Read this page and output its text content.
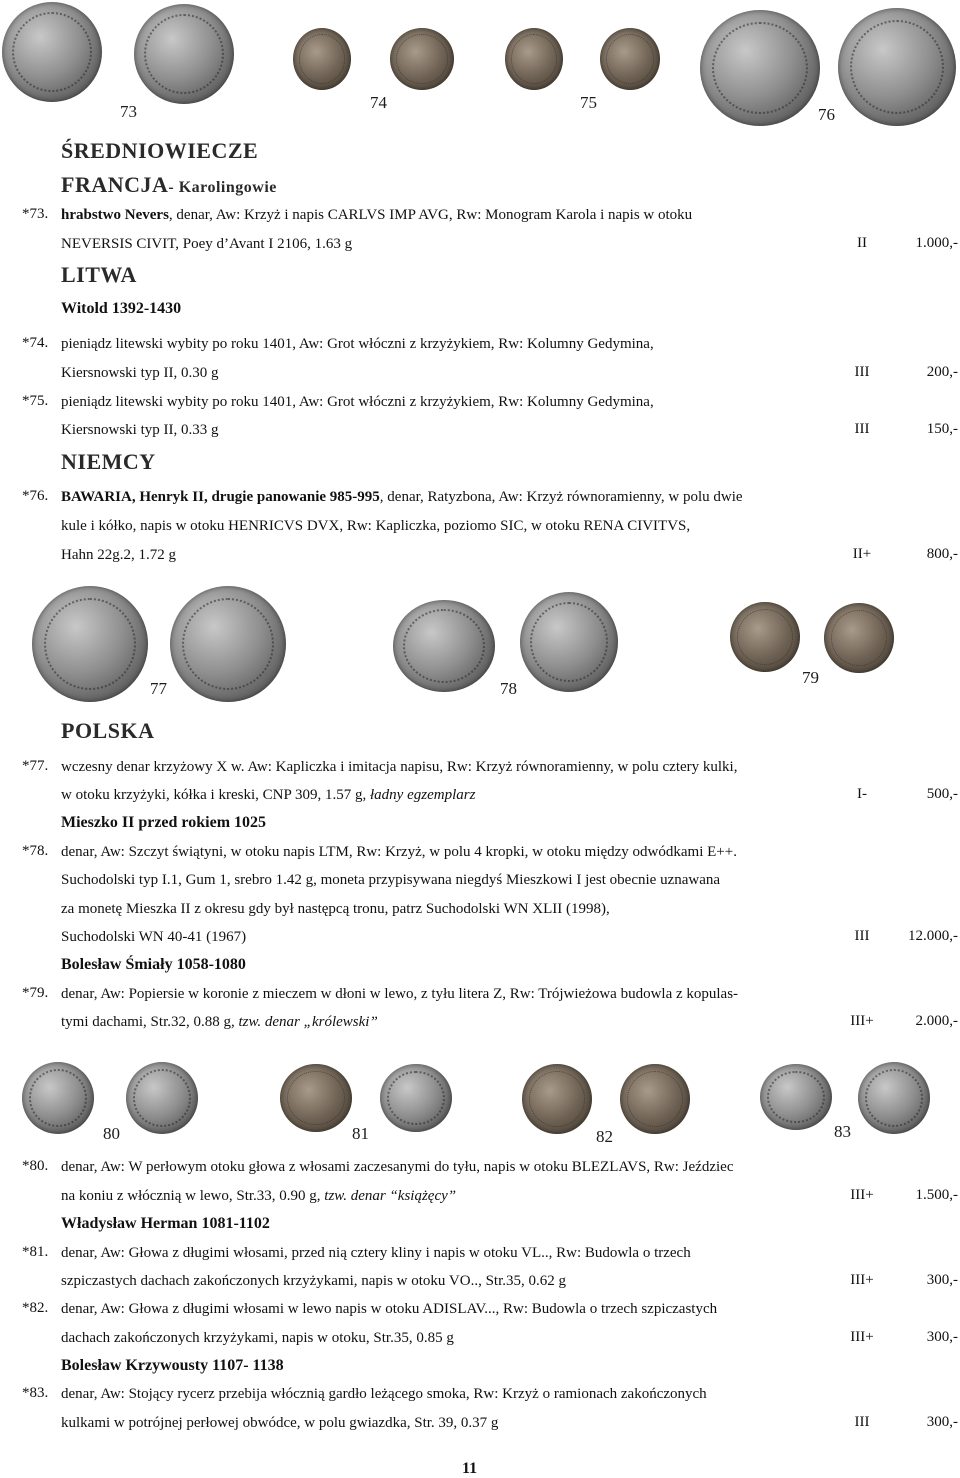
73	74	75
76
ŚREDNIOWIECZE
FRANCJA- Karolingowie
*73. hrabstwo Nevers, denar, Aw: Krzyż i napis CARLVS IMP AVG, Rw: Monogram Karola i napis w otoku
NEVERSIS CIVIT, Poey d’Avant I 2106, 1.63 g	II	1.000,-
LITWA
Witold 1392-1430
*74. pieniądz litewski wybity po roku 1401, Aw: Grot włóczni z krzyżykiem, Rw: Kolumny Gedymina,
Kiersnowski typ II, 0.30 g	III	200,-
*75. pieniądz litewski wybity po roku 1401, Aw: Grot włóczni z krzyżykiem, Rw: Kolumny Gedymina,
Kiersnowski typ II, 0.33 g	III	150,-
NIEMCY
*76. BAWARIA, Henryk II, drugie panowanie 985-995, denar, Ratyzbona, Aw: Krzyż równoramienny, w polu dwie
kule i kółko, napis w otoku HENRICVS DVX, Rw: Kapliczka, poziomo SIC, w otoku RENA CIVITVS,
Hahn 22g.2, 1.72 g	II+	800,-
77	78
79
POLSKA
*77. wczesny denar krzyżowy X w. Aw: Kapliczka i imitacja napisu, Rw: Krzyż równoramienny, w polu cztery kulki,
w otoku krzyżyki, kółka i kreski, CNP 309, 1.57 g, ładny egzemplarz	I-	500,-
Mieszko II przed rokiem 1025
*78. denar, Aw: Szczyt świątyni, w otoku napis LTM, Rw: Krzyż, w polu 4 kropki, w otoku między odwódkami E++.
Suchodolski typ I.1, Gum 1, srebro 1.42 g, moneta przypisywana niegdyś Mieszkowi I jest obecnie uznawana
za monetę Mieszka II z okresu gdy był następcą tronu, patrz Suchodolski WN XLII (1998),
Suchodolski WN 40-41 (1967)	III	12.000,-
Bolesław Śmiały 1058-1080
*79. denar, Aw: Popiersie w koronie z mieczem w dłoni w lewo, z tyłu litera Z, Rw: Trójwieżowa budowla z kopulas-
tymi dachami, Str.32, 0.88 g, tzw. denar „królewski”	III+	2.000,-
80	81	82	83
*80. denar, Aw: W perłowym otoku głowa z włosami zaczesanymi do tyłu, napis w otoku BLEZLAVS, Rw: Jeździec
na koniu z włócznią w lewo, Str.33, 0.90 g, tzw. denar “książęcy”	III+	1.500,-
Władysław Herman 1081-1102
*81. denar, Aw: Głowa z długimi włosami, przed nią cztery kliny i napis w otoku VL.., Rw: Budowla o trzech
szpiczastych dachach zakończonych krzyżykami, napis w otoku VO.., Str.35, 0.62 g	III+	300,-
*82. denar, Aw: Głowa z długimi włosami w lewo napis w otoku ADISLAV..., Rw: Budowla o trzech szpiczastych
dachach zakończonych krzyżykami, napis w otoku, Str.35, 0.85 g	III+	300,-
Bolesław Krzywousty 1107- 1138
*83. denar, Aw: Stojący rycerz przebija włócznią gardło leżącego smoka, Rw: Krzyż o ramionach zakończonych
kulkami w potrójnej perłowej obwódce, w polu gwiazdka, Str. 39, 0.37 g	III	300,-
11
